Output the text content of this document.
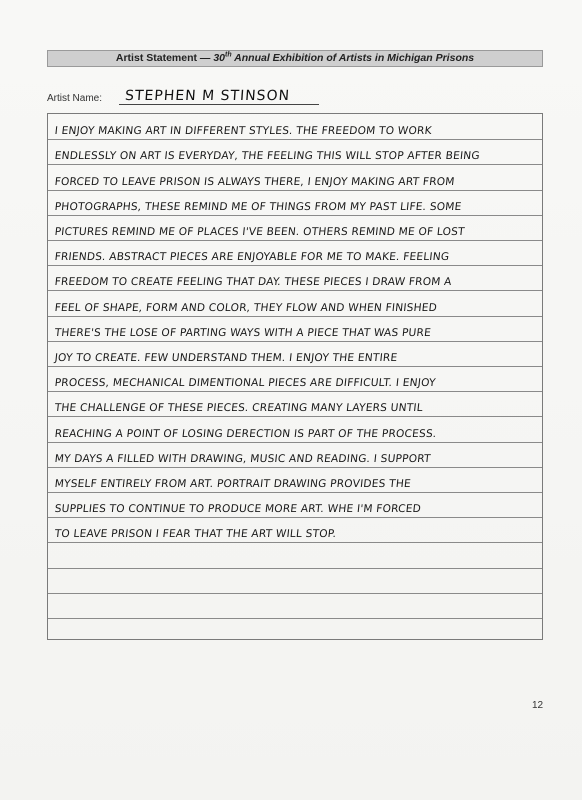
Artist Statement — 30th Annual Exhibition of Artists in Michigan Prisons
Artist Name: STEPHEN M STINSON
I ENJOY MAKING ART IN DIFFERENT STYLES. THE FREEDOM TO WORK
ENDLESSLY ON ART IS EVERYDAY, THE FEELING THIS WILL STOP AFTER BEING
FORCED TO LEAVE PRISON IS ALWAYS THERE, I ENJOY MAKING ART FROM
PHOTOGRAPHS, THESE REMIND ME OF THINGS FROM MY PAST LIFE. SOME
PICTURES REMIND ME OF PLACES I'VE BEEN. OTHERS REMIND ME OF LOST
FRIENDS. ABSTRACT PIECES ARE ENJOYABLE FOR ME TO MAKE. FEELING
FREEDOM TO CREATE FEELING THAT DAY. THESE PIECES I DRAW FROM A
FEEL OF SHAPE, FORM AND COLOR, THEY FLOW AND WHEN FINISHED
THERE'S THE LOSE OF PARTING WAYS WITH A PIECE THAT WAS PURE
JOY TO CREATE. FEW UNDERSTAND THEM. I ENJOY THE ENTIRE
PROCESS, MECHANICAL DIMENTIONAL PIECES ARE DIFFICULT. I ENJOY
THE CHALLENGE OF THESE PIECES. CREATING MANY LAYERS UNTIL
REACHING A POINT OF LOSING DERECTION IS PART OF THE PROCESS.
MY DAYS A FILLED WITH DRAWING, MUSIC AND READING. I SUPPORT
MYSELF ENTIRELY FROM ART. PORTRAIT DRAWING PROVIDES THE
SUPPLIES TO CONTINUE TO PRODUCE MORE ART. WHE I'M FORCED
TO LEAVE PRISON I FEAR THAT THE ART WILL STOP.
12
